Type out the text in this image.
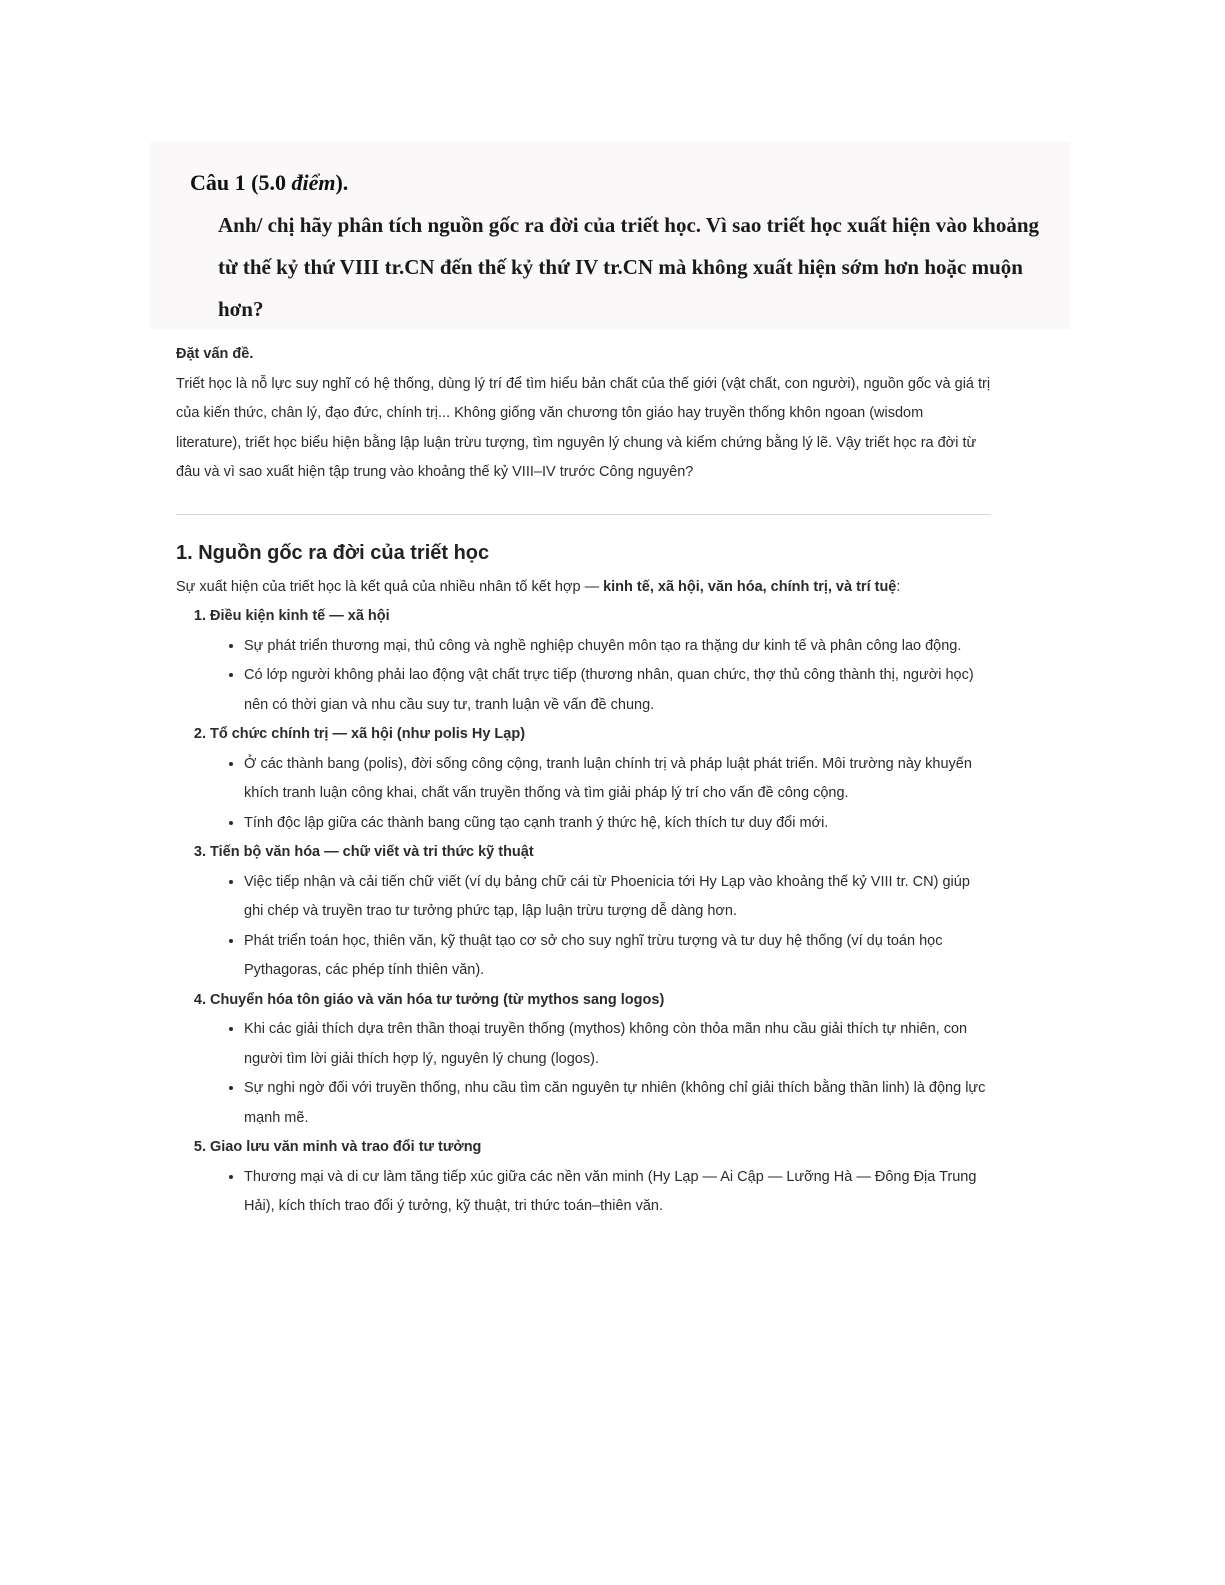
Câu 1 (5.0 điểm).
Anh/ chị hãy phân tích nguồn gốc ra đời của triết học. Vì sao triết học xuất hiện vào khoảng từ thế kỷ thứ VIII tr.CN đến thế kỷ thứ IV tr.CN mà không xuất hiện sớm hơn hoặc muộn hơn?
Đặt vấn đề.
Triết học là nỗ lực suy nghĩ có hệ thống, dùng lý trí để tìm hiểu bản chất của thế giới (vật chất, con người), nguồn gốc và giá trị của kiến thức, chân lý, đạo đức, chính trị... Không giống văn chương tôn giáo hay truyền thống khôn ngoan (wisdom literature), triết học biểu hiện bằng lập luận trừu tượng, tìm nguyên lý chung và kiểm chứng bằng lý lẽ. Vậy triết học ra đời từ đâu và vì sao xuất hiện tập trung vào khoảng thế kỷ VIII–IV trước Công nguyên?
1. Nguồn gốc ra đời của triết học
Sự xuất hiện của triết học là kết quả của nhiều nhân tố kết hợp — kinh tế, xã hội, văn hóa, chính trị, và trí tuệ:
1. Điều kiện kinh tế — xã hội
• Sự phát triển thương mại, thủ công và nghề nghiệp chuyên môn tạo ra thặng dư kinh tế và phân công lao động.
• Có lớp người không phải lao động vật chất trực tiếp (thương nhân, quan chức, thợ thủ công thành thị, người học) nên có thời gian và nhu cầu suy tư, tranh luận về vấn đề chung.
2. Tổ chức chính trị — xã hội (như polis Hy Lạp)
• Ở các thành bang (polis), đời sống công cộng, tranh luận chính trị và pháp luật phát triển. Môi trường này khuyến khích tranh luận công khai, chất vấn truyền thống và tìm giải pháp lý trí cho vấn đề công cộng.
• Tính độc lập giữa các thành bang cũng tạo cạnh tranh ý thức hệ, kích thích tư duy đổi mới.
3. Tiến bộ văn hóa — chữ viết và tri thức kỹ thuật
• Việc tiếp nhận và cải tiến chữ viết (ví dụ bảng chữ cái từ Phoenicia tới Hy Lạp vào khoảng thế kỷ VIII tr. CN) giúp ghi chép và truyền trao tư tưởng phức tạp, lập luận trừu tượng dễ dàng hơn.
• Phát triển toán học, thiên văn, kỹ thuật tạo cơ sở cho suy nghĩ trừu tượng và tư duy hệ thống (ví dụ toán học Pythagoras, các phép tính thiên văn).
4. Chuyển hóa tôn giáo và văn hóa tư tưởng (từ mythos sang logos)
• Khi các giải thích dựa trên thần thoại truyền thống (mythos) không còn thỏa mãn nhu cầu giải thích tự nhiên, con người tìm lời giải thích hợp lý, nguyên lý chung (logos).
• Sự nghi ngờ đối với truyền thống, nhu cầu tìm căn nguyên tự nhiên (không chỉ giải thích bằng thần linh) là động lực mạnh mẽ.
5. Giao lưu văn minh và trao đổi tư tưởng
• Thương mại và di cư làm tăng tiếp xúc giữa các nền văn minh (Hy Lạp — Ai Cập — Lưỡng Hà — Đông Địa Trung Hải), kích thích trao đổi ý tưởng, kỹ thuật, tri thức toán–thiên văn.
